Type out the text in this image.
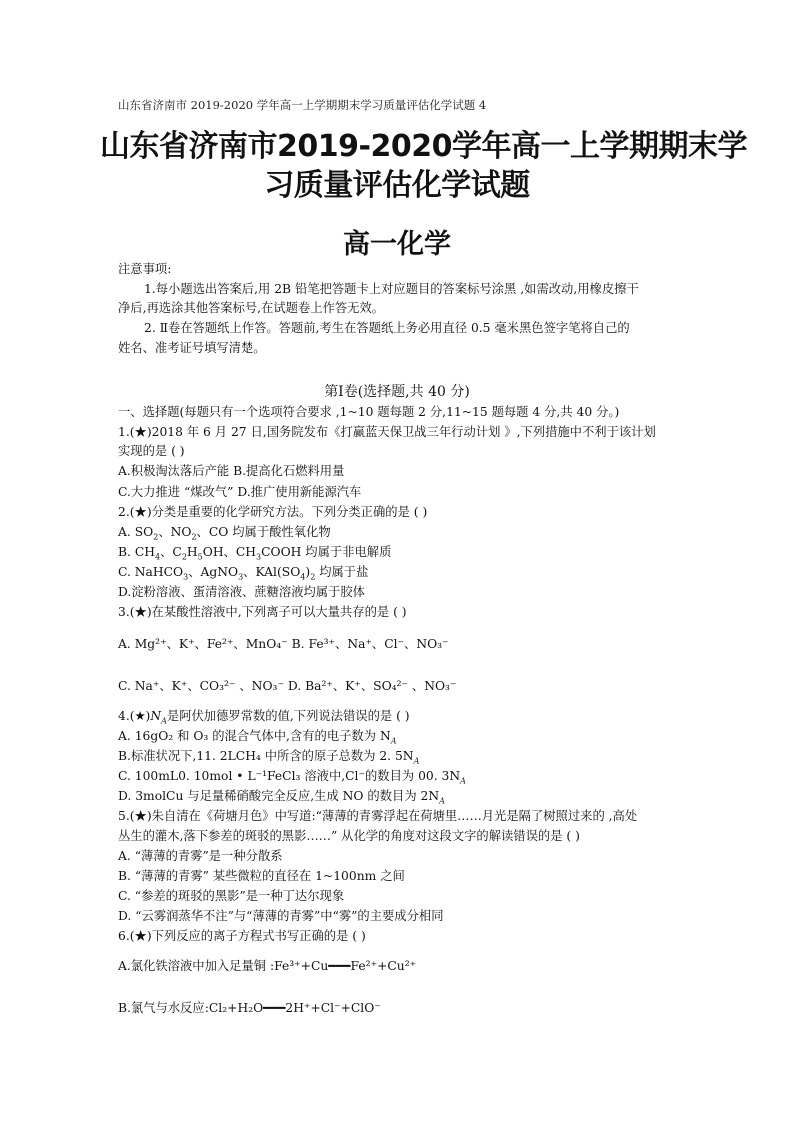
山东省济南市 2019-2020 学年高一上学期期末学习质量评估化学试题 4
山东省济南市2019-2020学年高一上学期期末学
习质量评估化学试题
高一化学
注意事项:
1.每小题选出答案后,用 2B 铅笔把答题卡上对应题目的答案标号涂黑 ,如需改动,用橡皮擦干
净后,再选涂其他答案标号,在试题卷上作答无效。
2. Ⅱ卷在答题纸上作答。答题前,考生在答题纸上务必用直径 0.5 毫米黑色签字笔将自己的
姓名、准考证号填写清楚。
第Ⅰ卷(选择题,共 40 分)
一、选择题(每题只有一个选项符合要求 ,1~10 题每题 2 分,11~15 题每题 4 分,共 40 分。)
1.(★)2018 年 6 月 27 日,国务院发布《打赢蓝天保卫战三年行动计划 》,下列措施中不利于该计划
实现的是 ( )
A.积极淘汰落后产能 B.提高化石燃料用量
C.大力推进 “煤改气” D.推广使用新能源汽车
2.(★)分类是重要的化学研究方法。下列分类正确的是 ( )
A. $SO_2$、$NO_2$、CO 均属于酸性氧化物
B. $CH_4$、$C_2H_5OH$、$CH_3COOH$ 均属于非电解质
C. NaHCO$_3$、AgNO$_3$、$KAl(SO_4)_2$ 均属于盐
D.淀粉溶液、蛋清溶液、蔗糖溶液均属于胶体
3.(★)在某酸性溶液中,下列离子可以大量共存的是 ( )
A. Mg²⁺、K⁺、Fe²⁺、MnO₄⁻ B. Fe³⁺、Na⁺、Cl⁻、NO₃⁻
C. Na⁺、K⁺、CO₃²⁻ 、NO₃⁻ D. Ba²⁺、K⁺、SO₄²⁻ 、NO₃⁻
$4.(★)N_A$是阿伏加德罗常数的值,下列说法错误的是 ( )
A. 16gO₂ 和 O₃ 的混合气体中,含有的电子数为 $N_A$
B.标准状况下,11. 2LCH₄ 中所含的原子总数为 2. $5N_A$
C. 100mL0. 10mol • L⁻¹FeCl₃ 溶液中,Cl⁻的数目为 00. $3N_A$
D. 3molCu 与足量稀硝酸完全反应,生成 NO 的数目为 $2N_A$
5.(★)朱自清在《荷塘月色》中写道:“薄薄的青雾浮起在荷塘里……月光是隔了树照过来的 ,高处
丛生的灌木,落下参差的斑驳的黑影……” 从化学的角度对这段文字的解读错误的是 ( )
A. “薄薄的青雾”是一种分散系
B. “薄薄的青雾” 某些微粒的直径在 1~100nm 之间
C. “参差的斑驳的黑影”是一种丁达尔现象
D. “云雾润蒸华不注”与“薄薄的青雾”中“雾”的主要成分相同
6.(★)下列反应的离子方程式书写正确的是 ( )
A.氯化铁溶液中加入足量铜 :Fe³⁺+Cu━━━Fe²⁺+Cu²⁺
B.氯气与水反应:Cl₂+H₂O━━━2H⁺+Cl⁻+ClO⁻
